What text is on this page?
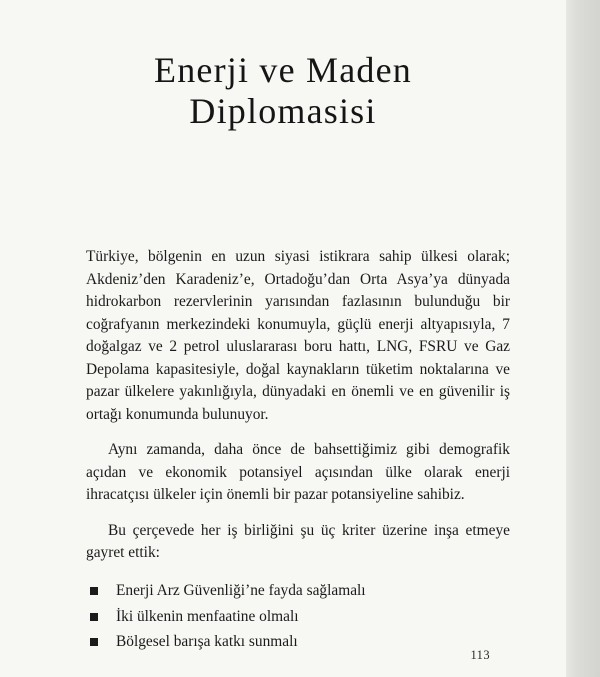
Enerji ve Maden
Diplomasisi

Türkiye, bölgenin en uzun siyasi istikrara sahip ülkesi olarak; Akdeniz’den Karadeniz’e, Ortadoğu’dan Orta Asya’ya dünyada hidrokarbon rezervlerinin yarısından fazlasının bulunduğu bir coğrafyanın merkezindeki konumuyla, güçlü enerji altyapısıyla, 7 doğalgaz ve 2 petrol uluslararası boru hattı, LNG, FSRU ve Gaz Depolama kapasitesiyle, doğal kaynakların tüketim noktalarına ve pazar ülkelere yakınlığıyla, dünyadaki en önemli ve en güvenilir iş ortağı konumunda bulunuyor.

Aynı zamanda, daha önce de bahsettiğimiz gibi demografik açıdan ve ekonomik potansiyel açısından ülke olarak enerji ihracatçısı ülkeler için önemli bir pazar potansiyeline sahibiz.

Bu çerçevede her iş birliğini şu üç kriter üzerine inşa etmeye gayret ettik:

Enerji Arz Güvenliği’ne fayda sağlamalı
İki ülkenin menfaatine olmalı
Bölgesel barışa katkı sunmalı
113
